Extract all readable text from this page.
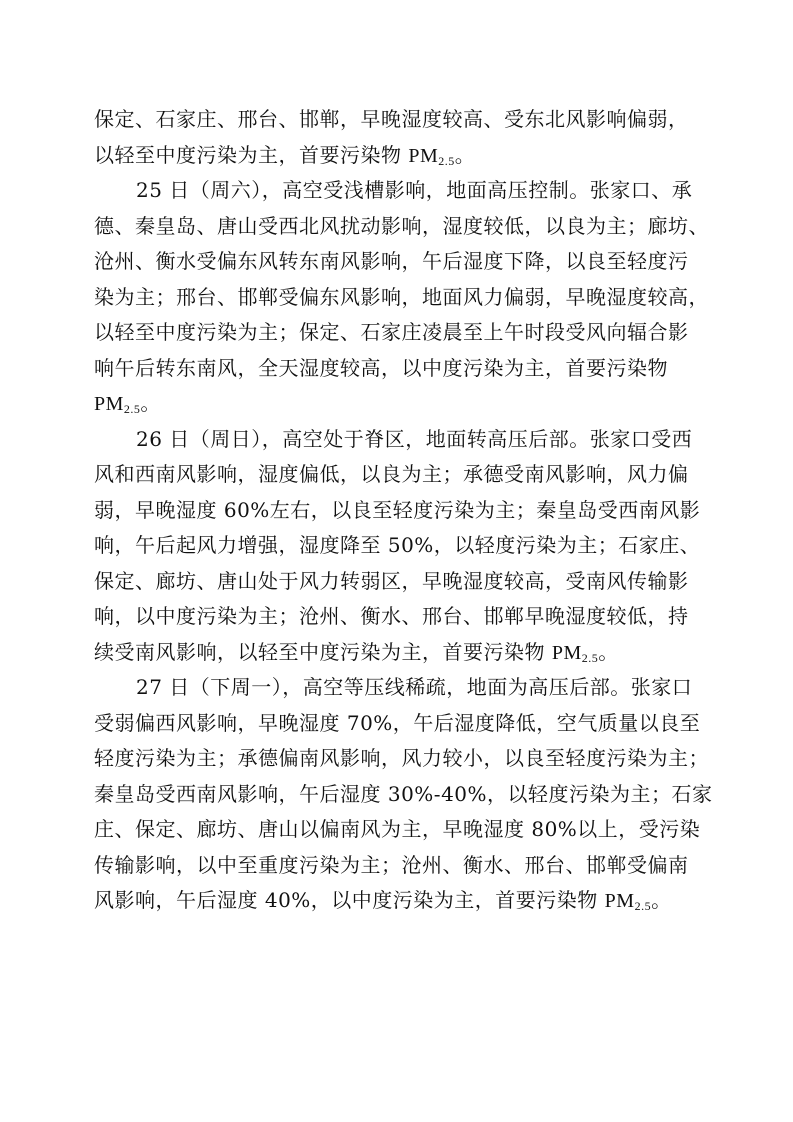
保定、石家庄、邢台、邯郸，早晚湿度较高、受东北风影响偏弱，
以轻至中度污染为主，首要污染物 $PM_{2.5}$。
25 日（周六），高空受浅槽影响，地面高压控制。张家口、承
德、秦皇岛、唐山受西北风扰动影响，湿度较低，以良为主；廊坊、
沧州、衡水受偏东风转东南风影响，午后湿度下降，以良至轻度污
染为主；邢台、邯郸受偏东风影响，地面风力偏弱，早晚湿度较高，
以轻至中度污染为主；保定、石家庄凌晨至上午时段受风向辐合影
响午后转东南风，全天湿度较高，以中度污染为主，首要污染物
$PM_{2.5}$。
26 日（周日），高空处于脊区，地面转高压后部。张家口受西
风和西南风影响，湿度偏低，以良为主；承德受南风影响，风力偏
弱，早晚湿度 60%左右，以良至轻度污染为主；秦皇岛受西南风影
响，午后起风力增强，湿度降至 50%，以轻度污染为主；石家庄、
保定、廊坊、唐山处于风力转弱区，早晚湿度较高，受南风传输影
响，以中度污染为主；沧州、衡水、邢台、邯郸早晚湿度较低，持
续受南风影响，以轻至中度污染为主，首要污染物 $PM_{2.5}$。
27 日（下周一），高空等压线稀疏，地面为高压后部。张家口
受弱偏西风影响，早晚湿度 70%，午后湿度降低，空气质量以良至
轻度污染为主；承德偏南风影响，风力较小，以良至轻度污染为主；
秦皇岛受西南风影响，午后湿度 30%-40%，以轻度污染为主；石家
庄、保定、廊坊、唐山以偏南风为主，早晚湿度 80%以上，受污染
传输影响，以中至重度污染为主；沧州、衡水、邢台、邯郸受偏南
风影响，午后湿度 40%，以中度污染为主，首要污染物 $PM_{2.5}$。
